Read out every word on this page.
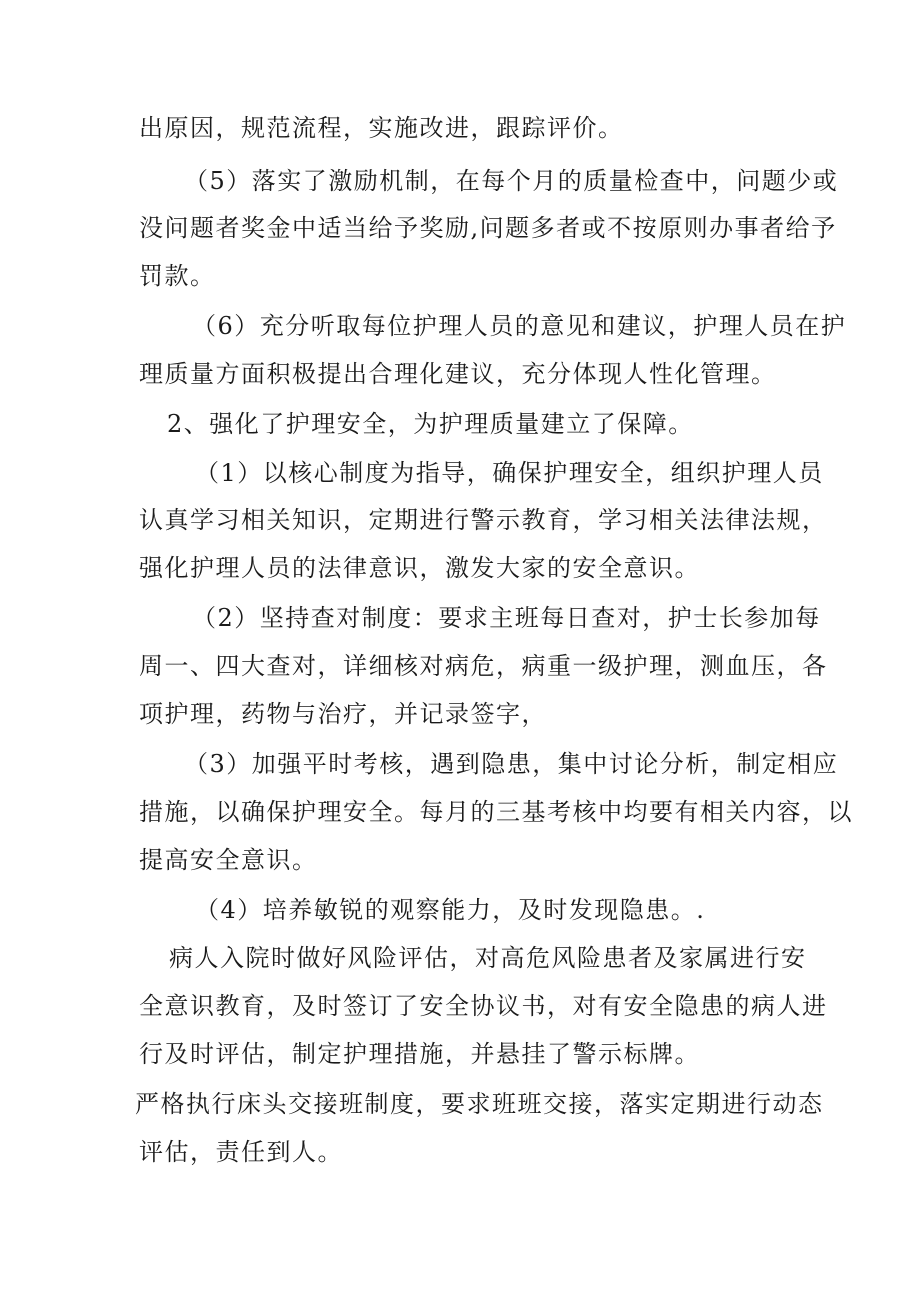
出原因，规范流程，实施改进，跟踪评价。
（5）落实了激励机制，在每个月的质量检查中，问题少或
没问题者奖金中适当给予奖励,问题多者或不按原则办事者给予
罚款。
（6）充分听取每位护理人员的意见和建议，护理人员在护
理质量方面积极提出合理化建议，充分体现人性化管理。
2、强化了护理安全，为护理质量建立了保障。
（1）以核心制度为指导，确保护理安全，组织护理人员
认真学习相关知识，定期进行警示教育，学习相关法律法规，
强化护理人员的法律意识，激发大家的安全意识。
（2）坚持查对制度：要求主班每日查对，护士长参加每
周一、四大查对，详细核对病危，病重一级护理，测血压，各
项护理，药物与治疗，并记录签字，
（3）加强平时考核，遇到隐患，集中讨论分析，制定相应
措施，以确保护理安全。每月的三基考核中均要有相关内容，以
提高安全意识。
（4）培养敏锐的观察能力，及时发现隐患。.
病人入院时做好风险评估，对高危风险患者及家属进行安
全意识教育，及时签订了安全协议书，对有安全隐患的病人进
行及时评估，制定护理措施，并悬挂了警示标牌。
严格执行床头交接班制度，要求班班交接，落实定期进行动态
评估，责任到人。
